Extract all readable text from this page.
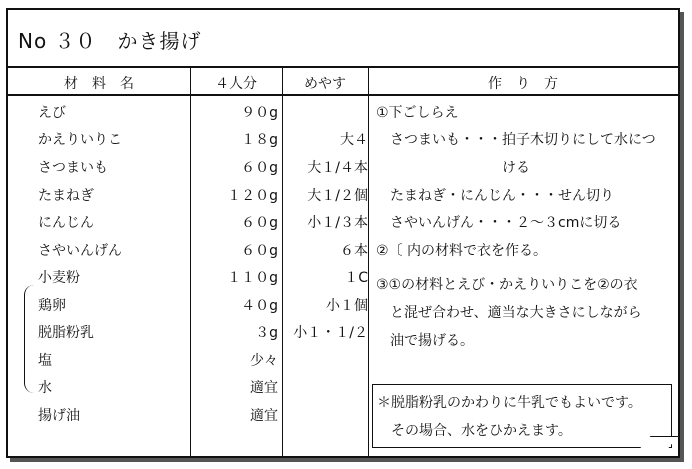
No ３０　かき揚げ
材　料　名	４人分	めやす	作　り　方
えび	９０g
かえりいりこ	１８g	大４
さつまいも	６０g 大１/４本
たまねぎ	１２０g 大１/２個
にんじん	６０g 小１/３本
さやいんげん	６０g	６本
小麦粉	１１０g	１C
鶏卵	４０g	小１個
脱脂粉乳	３g 小１・１/２
塩	少々
水	適宜
揚げ油	適宜
①下ごしらえ
　さつまいも・・・拍子木切りにして水につ
　　　　　　　　　ける
　たまねぎ・にんじん・・・せん切り
　さやいんげん・・・２～３cmに切る
②〔 内の材料で衣を作る。
③①の材料とえび・かえりいりこを②の衣
　と混ぜ合わせ、適当な大きさにしながら
　油で揚げる。
＊脱脂粉乳のかわりに牛乳でもよいです。
　その場合、水をひかえます。
